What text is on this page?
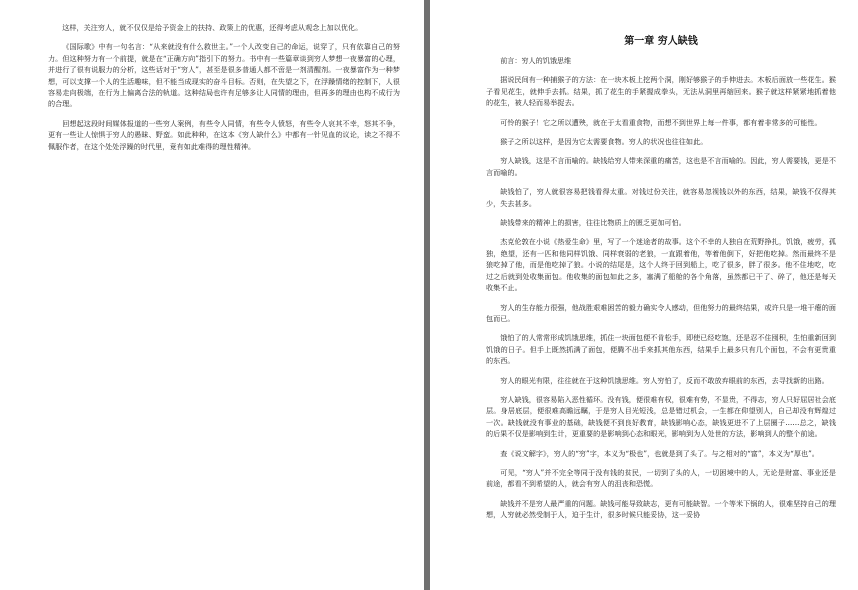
这样，关注穷人，就不仅仅是给予资金上的扶持、政策上的优惠，还得考虑从观念上加以优化。

《国际歌》中有一句名言：“从来就没有什么救世主。”一个人改变自己的命运，说穿了，只有依靠自己的努力。但这种努力有一个前提，就是在“正确方向”指引下的努力。书中有一些篇章谈到穷人梦想一夜暴富的心理，并进行了很有说服力的分析，这些话对于“穷人”，甚至是很多普通人都不啻是一剂清醒剂。一夜暴富作为一种梦想，可以支撑一个人的生活趣味，但不能当成现实的奋斗目标。否则，在失望之下，在浮躁情绪的控制下，人很容易走向极端，在行为上偏离合法的轨道。这种结局也许有足够多让人同情的理由，但再多的理由也构不成行为的合理。

回想起这段时间媒体报道的一些穷人案例，有些令人同情，有些令人愤怒，有些令人哀其不幸，怒其不争，更有一些让人惊惧于穷人的愚昧、野蛮。如此种种，在这本《穷人缺什么》中都有一针见血的议论，读之不得不佩服作者，在这个处处浮躁的时代里，竟有如此难得的理性精神。

第一章 穷人缺钱
前言：穷人的饥饿思维

据说民间有一种捕猴子的方法：在一块木板上挖两个洞，刚好够猴子的手伸进去。木板后面放一些花生。猴子看见花生，就伸手去抓。结果，抓了花生的手紧握成拳头，无法从洞里再缩回来。猴子就这样紧紧地抓着他的花生，被人轻而易举捉去。

可怜的猴子！它之所以遭殃，就在于太看重食物，而想不到世界上每一件事，都有着非常多的可能性。

猴子之所以这样，是因为它太需要食物。穷人的状况也往往如此。

穷人缺钱，这是不言而喻的。缺钱给穷人带来深重的痛苦，这也是不言而喻的。因此，穷人需要钱，更是不言而喻的。

缺钱怕了，穷人就很容易把钱看得太重。对钱过份关注，就容易忽视钱以外的东西，结果，缺钱不仅得其少，失去甚多。

缺钱带来的精神上的损害，往往比物质上的匮乏更加可怕。

杰克伦敦在小说《热爱生命》里，写了一个迷途者的故事。这个不幸的人独自在荒野挣扎，饥饿，疲劳，孤独，绝望，还有一匹和他同样饥饿、同样衰弱的老狼，一直跟着他，等着他倒下，好把他吃掉。然而最终不是狼吃掉了他，而是他吃掉了狼。小说的结尾是，这个人终于回到船上，吃了很多，胖了很多。他不住地吃，吃过之后就到处收集面包。他收集的面包如此之多，塞满了船舱的各个角落，虽然都已干了、碎了，他还是每天收集不止。

穷人的生存能力很强，他战胜艰难困苦的毅力确实令人感动，但他努力的最终结果，或许只是一堆干瘪的面包而已。

饿怕了的人常常形成饥饿思维，抓住一块面包便不肯松手，即使已经吃饱，还是忍不住囤积，生怕重新回到饥饿的日子。但手上既然抓满了面包，便腾不出手来抓其他东西，结果手上最多只有几个面包，不会有更贵重的东西。

穷人的眼光有限，往往就在于这种饥饿思维。穷人穷怕了，反而不敢放弃眼前的东西，去寻找新的出路。

穷人缺钱，很容易陷入恶性循环。没有钱，便很难有权，很难有势，不显贵，不得志，穷人只好屈居社会底层。身居底层，便很难高瞻远瞩，于是穷人目光短浅，总是错过机会，一生都在仰望别人，自己却没有辉煌过一次。缺钱就没有事业的基础，缺钱便不到良好教育，缺钱影响心态，缺钱更进不了上层圈子……总之，缺钱的后果不仅是影响到生计，更重要的是影响到心态和眼光，影响到为人处世的方法，影响到人的整个前途。

查《说文解字》，穷人的“穷”字，本义为“极也”，也就是到了头了。与之相对的“富”，本义为“厚也”。

可见，“穷人”并不完全等同于没有钱的贫民，一切到了头的人，一切困境中的人，无论是财富、事业还是前途，都看不到希望的人，就会有穷人的沮丧和恐慌。

缺钱并不是穷人最严重的问题。缺钱可能导致缺志，更有可能缺智。一个等米下锅的人，很难坚持自己的理想，人穷就必然受制于人，迫于生计，很多时候只能妥协，这一妥协
